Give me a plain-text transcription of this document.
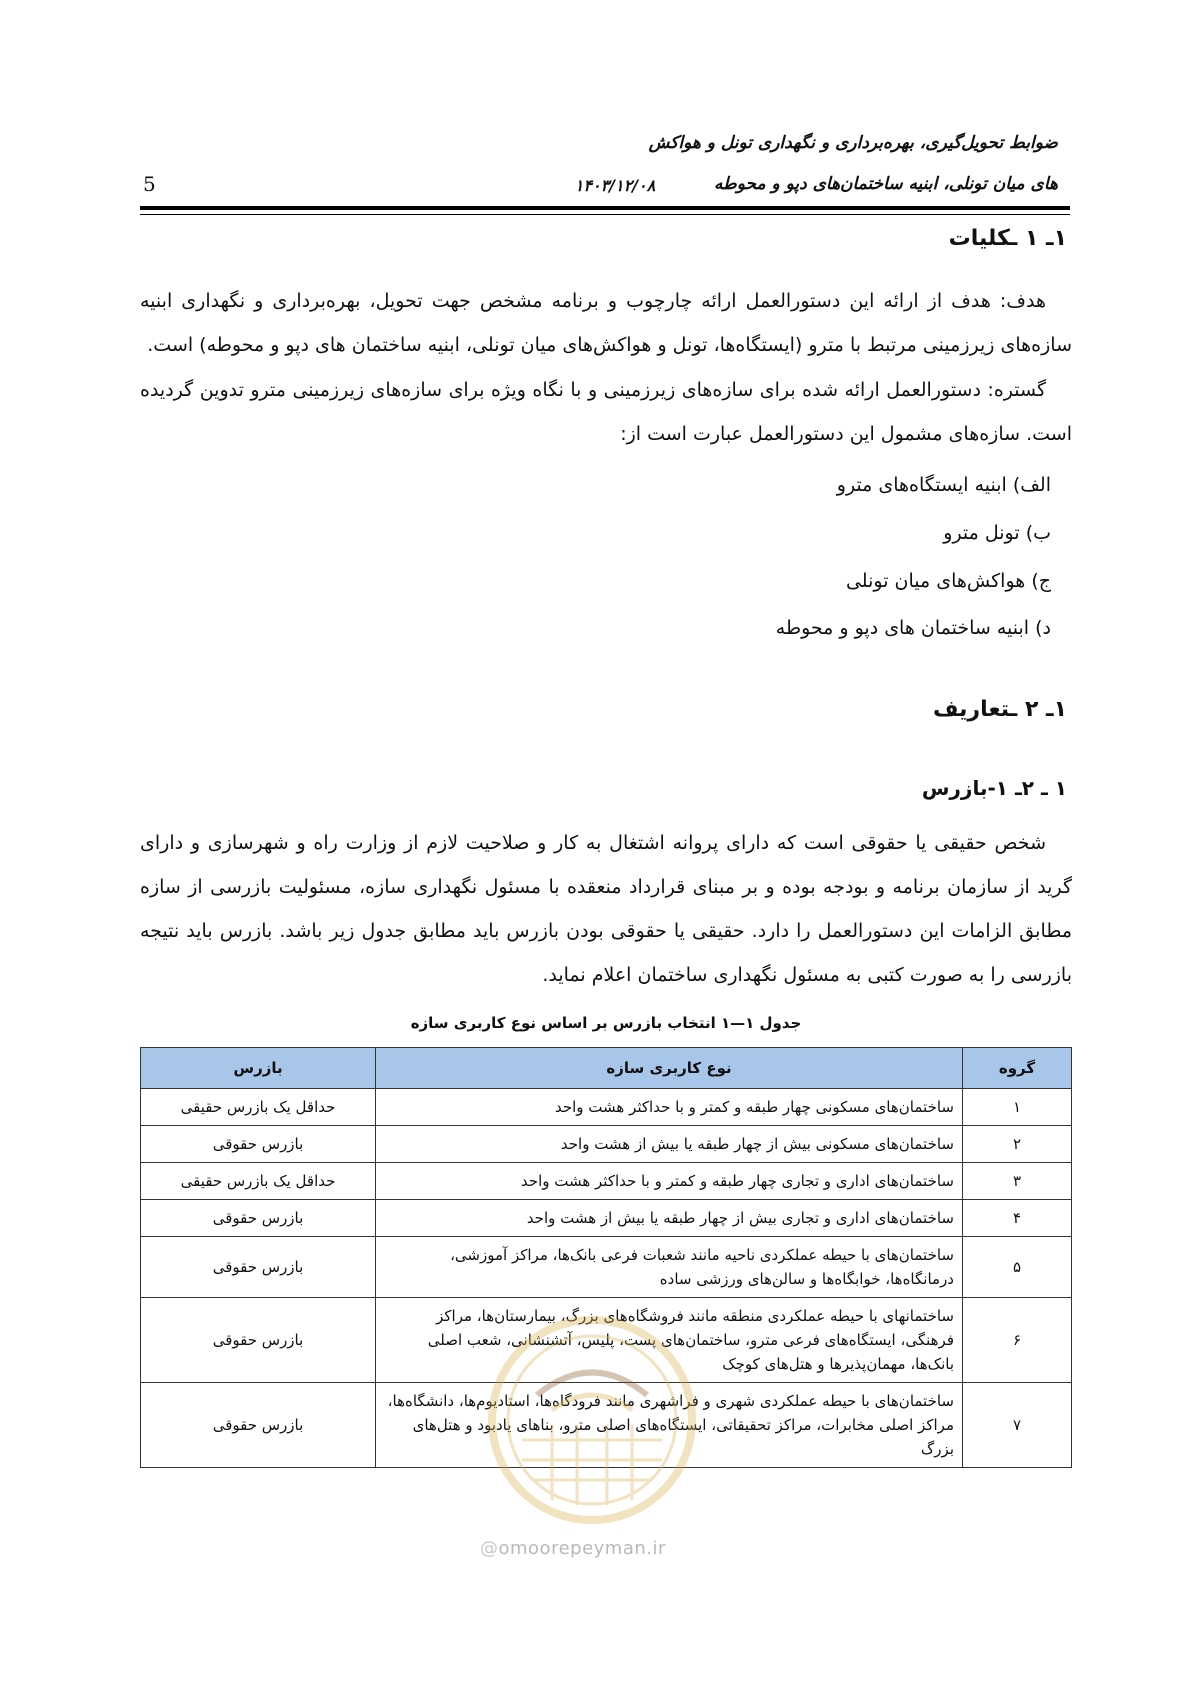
ضوابط تحویل‌گیری، بهره‌برداری و نگهداری تونل و هواکش
های میان تونلی، ابنیه ساختمان‌های دپو و محوطه
۱۴۰۳/۱۲/۰۸
5
۱ـ ۱ ـکلیات
هدف: هدف از ارائه این دستورالعمل ارائه چارچوب و برنامه مشخص جهت تحویل، بهره‌برداری و نگهداری ابنیه سازه‌های زیرزمینی مرتبط با مترو (ایستگاه‌ها، تونل و هواکش‌های میان تونلی، ابنیه ساختمان های دپو و محوطه) است.
گستره: دستورالعمل ارائه شده برای سازه‌های زیرزمینی و با نگاه ویژه برای سازه‌های زیرزمینی مترو تدوین گردیده است. سازه‌های مشمول این دستورالعمل عبارت است از:
الف) ابنیه ایستگاه‌های مترو
ب) تونل مترو
ج) هواکش‌های میان تونلی
د) ابنیه ساختمان های دپو و محوطه
۱ـ ۲ ـتعاریف
۱ ـ ۲ـ ۱-بازرس
شخص حقیقی یا حقوقی است که دارای پروانه اشتغال به کار و صلاحیت لازم از وزارت راه و شهرسازی و دارای گرید از سازمان برنامه و بودجه بوده و بر مبنای قرارداد منعقده با مسئول نگهداری سازه، مسئولیت بازرسی از سازه مطابق الزامات این دستورالعمل را دارد. حقیقی یا حقوقی بودن بازرس باید مطابق جدول زیر باشد. بازرس باید نتیجه بازرسی را به صورت کتبی به مسئول نگهداری ساختمان اعلام نماید.
جدول ۱—۱ انتخاب بازرس بر اساس نوع کاربری سازه
گروه	نوع کاربری سازه	بازرس
۱	ساختمان‌های مسکونی چهار طبقه و کمتر و با حداکثر هشت واحد	حداقل یک بازرس حقیقی
۲	ساختمان‌های مسکونی بیش از چهار طبقه یا بیش از هشت واحد	بازرس حقوقی
۳	ساختمان‌های اداری و تجاری چهار طبقه و کمتر و با حداکثر هشت واحد	حداقل یک بازرس حقیقی
۴	ساختمان‌های اداری و تجاری بیش از چهار طبقه یا بیش از هشت واحد	بازرس حقوقی
۵	ساختمان‌های با حیطه عملکردی ناحیه مانند شعبات فرعی بانک‌ها، مراکز آموزشی، درمانگاه‌ها، خوابگاه‌ها و سالن‌های ورزشی ساده	بازرس حقوقی
۶	ساختمانهای با حیطه عملکردی منطقه مانند فروشگاه‌های بزرگ، بیمارستان‌ها، مراکز فرهنگی، ایستگاه‌های فرعی مترو، ساختمان‌های پست، پلیس، آتشنشانی، شعب اصلی بانک‌ها، مهمان‌پذیرها و هتل‌های کوچک	بازرس حقوقی
۷	ساختمان‌های با حیطه عملکردی شهری و فراشهری مانند فرودگاه‌ها، استادیوم‌ها، دانشگاه‌ها، مراکز اصلی مخابرات، مراکز تحقیقاتی، ایستگاه‌های اصلی مترو، بناهای یادبود و هتل‌های بزرگ	بازرس حقوقی
@omoorepeyman.ir
